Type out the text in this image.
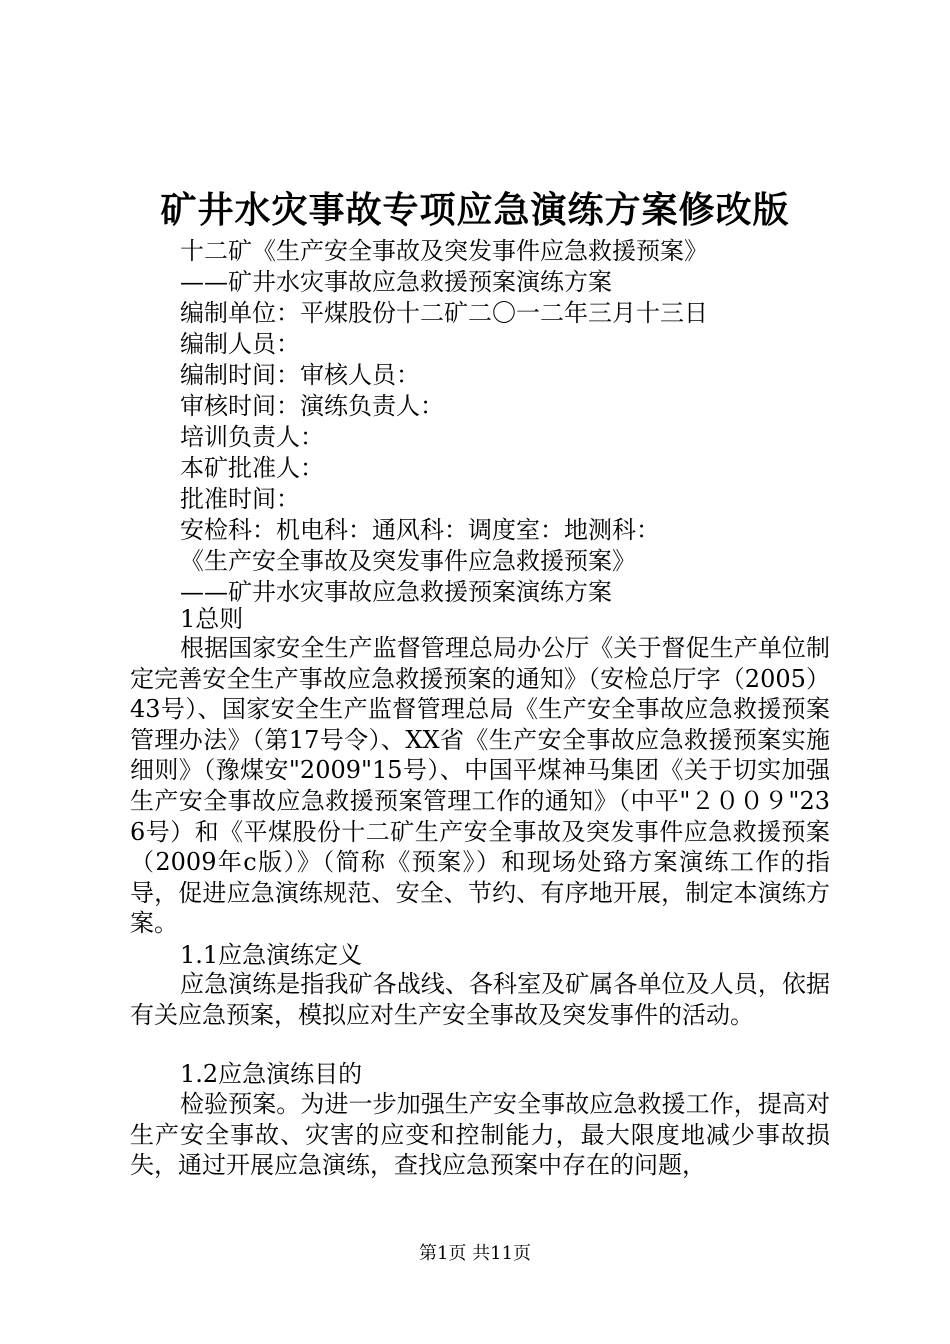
矿井水灾事故专项应急演练方案修改版
十二矿《生产安全事故及突发事件应急救援预案》
——矿井水灾事故应急救援预案演练方案
编制单位：平煤股份十二矿二〇一二年三月十三日
编制人员：
编制时间：审核人员：
审核时间：演练负责人：
培训负责人：
本矿批准人：
批准时间：
安检科：机电科：通风科：调度室：地测科：
《生产安全事故及突发事件应急救援预案》
——矿井水灾事故应急救援预案演练方案
1总则
根据国家安全生产监督管理总局办公厅《关于督促生产单位制定完善安全生产事故应急救援预案的通知》（安检总厅字（2005）43号）、国家安全生产监督管理总局《生产安全事故应急救援预案管理办法》（第17号令）、XX省《生产安全事故应急救援预案实施细则》（豫煤安"2009"15号）、中国平煤神马集团《关于切实加强生产安全事故应急救援预案管理工作的通知》（中平"２００９"236号）和《平煤股份十二矿生产安全事故及突发事件应急救援预案（2009年c版）》（简称《预案》）和现场处臵方案演练工作的指导，促进应急演练规范、安全、节约、有序地开展，制定本演练方案。
1.1应急演练定义
应急演练是指我矿各战线、各科室及矿属各单位及人员，依据有关应急预案，模拟应对生产安全事故及突发事件的活动。
1.2应急演练目的
检验预案。为进一步加强生产安全事故应急救援工作，提高对生产安全事故、灾害的应变和控制能力，最大限度地减少事故损失，通过开展应急演练，查找应急预案中存在的问题，
第1页 共11页
